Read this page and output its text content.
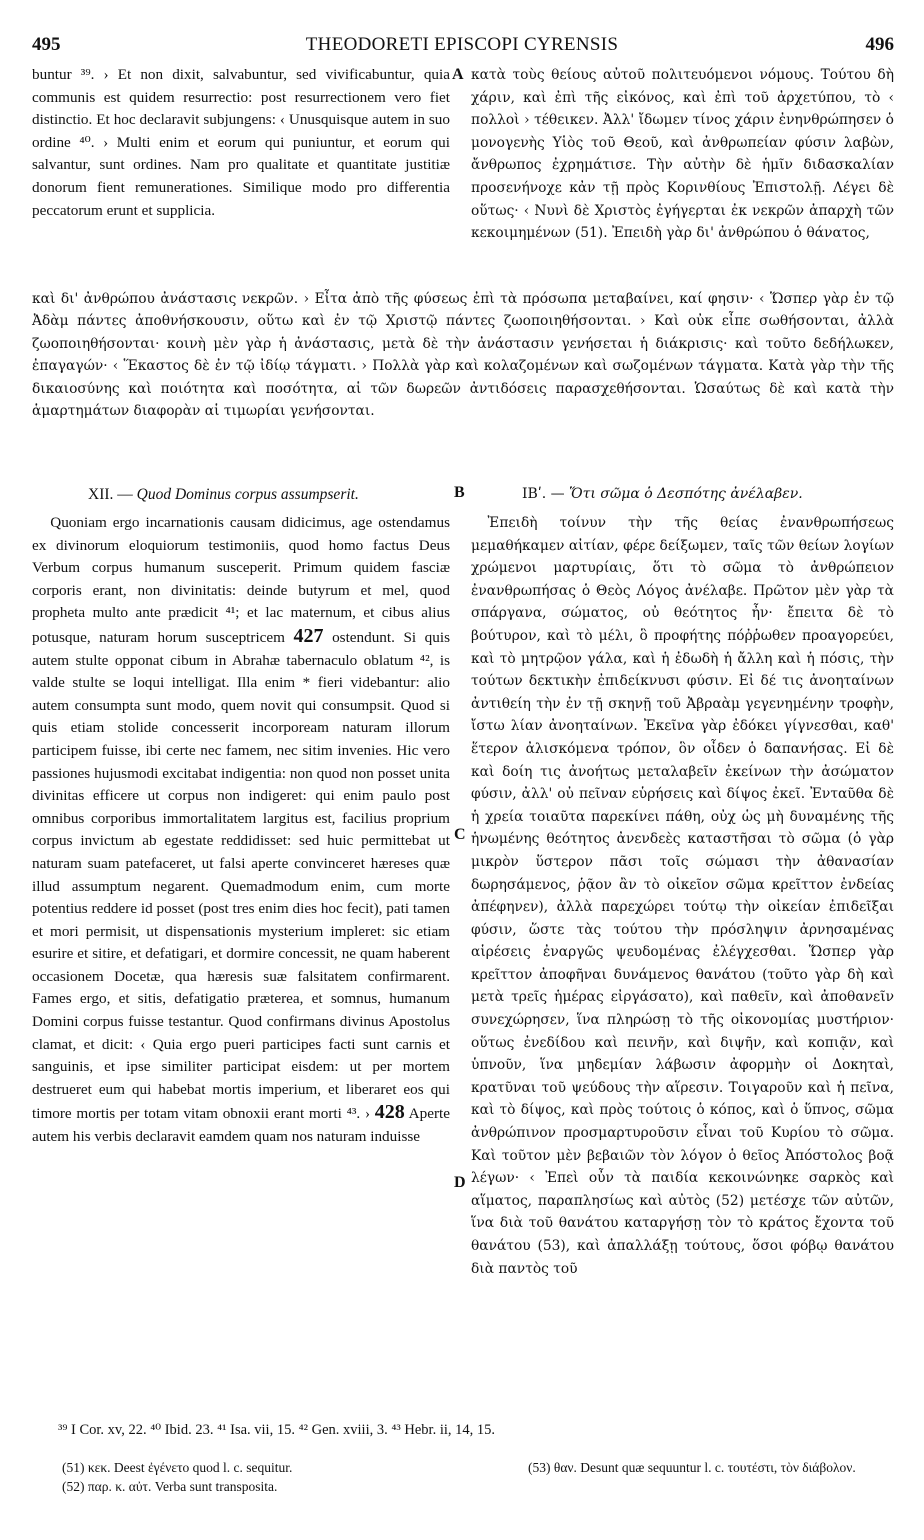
495	THEODORETI EPISCOPI CYRENSIS	496

buntur ³⁹. › Et non dixit, salvabuntur, sed vivificabuntur, quia communis est quidem resurrectio: post resurrectionem vero fiet distinctio. Et hoc declaravit subjungens: ‹ Unusquisque autem in suo ordine ⁴⁰. › Multi enim et eorum qui puniuntur, et eorum qui salvantur, sunt ordines. Nam pro qualitate et quantitate justitiæ donorum fient remunerationes. Similique modo pro differentia peccatorum erunt et supplicia.

A κατὰ τοὺς θείους αὐτοῦ πολιτευόμενοι νόμους. Τούτου δὴ χάριν, καὶ ἐπὶ τῆς εἰκόνος, καὶ ἐπὶ τοῦ ἀρχετύπου, τὸ ‹ πολλοὶ › τέθεικεν. Ἀλλ' ἴδωμεν τίνος χάριν ἐνηνθρώπησεν ὁ μονογενὴς Υἱὸς τοῦ Θεοῦ, καὶ ἀνθρωπείαν φύσιν λαβὼν, ἄνθρωπος ἐχρημάτισε. Τὴν αὐτὴν δὲ ἡμῖν διδασκαλίαν προσενήνοχε κἀν τῇ πρὸς Κορινθίους Ἐπιστολῇ. Λέγει δὲ οὕτως· ‹ Νυνὶ δὲ Χριστὸς ἐγήγερται ἐκ νεκρῶν ἀπαρχὴ τῶν κεκοιμημένων (51). Ἐπειδὴ γὰρ δι' ἀνθρώπου ὁ θάνατος,

καὶ δι' ἀνθρώπου ἀνάστασις νεκρῶν. › Εἶτα ἀπὸ τῆς φύσεως ἐπὶ τὰ πρόσωπα μεταβαίνει, καί φησιν· ‹ Ὥσπερ γὰρ ἐν τῷ Ἀδὰμ πάντες ἀποθνήσκουσιν, οὕτω καὶ ἐν τῷ Χριστῷ πάντες ζωοποιηθήσονται. › Καὶ οὐκ εἶπε σωθήσονται, ἀλλὰ ζωοποιηθήσονται· κοινὴ μὲν γὰρ ἡ ἀνάστασις, μετὰ δὲ τὴν ἀνάστασιν γενήσεται ἡ διάκρισις· καὶ τοῦτο δεδήλωκεν, ἐπαγαγών· ‹ Ἕκαστος δὲ ἐν τῷ ἰδίῳ τάγματι. › Πολλὰ γὰρ καὶ κολαζομένων καὶ σωζομένων τάγματα. Κατὰ γὰρ τὴν τῆς δικαιοσύνης καὶ ποιότητα καὶ ποσότητα, αἱ τῶν δωρεῶν ἀντιδόσεις παρασχεθήσονται. Ὡσαύτως δὲ καὶ κατὰ τὴν ἁμαρτημάτων διαφορὰν αἱ τιμωρίαι γενήσονται.

XII. — Quod Dominus corpus assumpserit.	B	ΙΒʹ. — Ὅτι σῶμα ὁ Δεσπότης ἀνέλαβεν.

Quoniam ergo incarnationis causam didicimus, age ostendamus ex divinorum eloquiorum testimoniis, quod homo factus Deus Verbum corpus humanum susceperit. Primum quidem fasciæ corporis erant, non divinitatis: deinde butyrum et mel, quod propheta multo ante prædicit ⁴¹; et lac maternum, et cibus alius potusque, naturam horum susceptricem 427 ostendunt. Si quis autem stulte opponat cibum in Abrahæ tabernaculo oblatum ⁴², is valde stulte se loqui intelligat. Illa enim * fieri videbantur: alio autem consumpta sunt modo, quem novit qui consumpsit. Quod si quis etiam stolide concesserit incorpoream naturam illorum participem fuisse, ibi certe nec famem, nec sitim invenies. Hic vero passiones hujusmodi excitabat indigentia: non quod non posset unita divinitas efficere ut corpus non indigeret: qui enim paulo post omnibus corporibus immortalitatem largitus est, facilius proprium corpus invictum ab egestate reddidisset: sed huic permittebat ut naturam suam patefaceret, ut falsi aperte convinceret hæreses quæ illud assumptum negarent. Quemadmodum enim, cum morte potentius reddere id posset (post tres enim dies hoc fecit), pati tamen et mori permisit, ut dispensationis mysterium impleret: sic etiam esurire et sitire, et defatigari, et dormire concessit, ne quam haberent occasionem Docetæ, qua hæresis suæ falsitatem confirmarent. Fames ergo, et sitis, defatigatio præterea, et somnus, humanum Domini corpus fuisse testantur. Quod confirmans divinus Apostolus clamat, et dicit: ‹ Quia ergo pueri participes facti sunt carnis et sanguinis, et ipse similiter participat eisdem: ut per mortem destrueret eum qui habebat mortis imperium, et liberaret eos qui timore mortis per totam vitam obnoxii erant morti ⁴³. › 428 Aperte autem his verbis declaravit eamdem quam nos naturam induisse

C
D

Ἐπειδὴ τοίνυν τὴν τῆς θείας ἐνανθρωπήσεως μεμαθήκαμεν αἰτίαν, φέρε δείξωμεν, ταῖς τῶν θείων λογίων χρώμενοι μαρτυρίαις, ὅτι τὸ σῶμα τὸ ἀνθρώπειον ἐνανθρωπήσας ὁ Θεὸς Λόγος ἀνέλαβε. Πρῶτον μὲν γὰρ τὰ σπάργανα, σώματος, οὐ θεότητος ἦν· ἔπειτα δὲ τὸ βούτυρον, καὶ τὸ μέλι, ὃ προφήτης πόῤῥωθεν προαγορεύει, καὶ τὸ μητρῷον γάλα, καὶ ἡ ἐδωδὴ ἡ ἄλλη καὶ ἡ πόσις, τὴν τούτων δεκτικὴν ἐπιδείκνυσι φύσιν. Εἰ δέ τις ἀνοηταίνων ἀντιθείη τὴν ἐν τῇ σκηνῇ τοῦ Ἀβραὰμ γεγενημένην τροφὴν, ἴστω λίαν ἀνοηταίνων. Ἐκεῖνα γὰρ ἐδόκει γίγνεσθαι, καθ' ἕτερον ἀλισκόμενα τρόπον, ὃν οἶδεν ὁ δαπανήσας. Εἰ δὲ καὶ δοίη τις ἀνοήτως μεταλαβεῖν ἐκείνων τὴν ἀσώματον φύσιν, ἀλλ' οὐ πεῖναν εὑρήσεις καὶ δίψος ἐκεῖ. Ἐνταῦθα δὲ ἡ χρεία τοιαῦτα παρεκίνει πάθη, οὐχ ὡς μὴ δυναμένης τῆς ἡνωμένης θεότητος ἀνενδεὲς καταστῆσαι τὸ σῶμα (ὁ γὰρ μικρὸν ὕστερον πᾶσι τοῖς σώμασι τὴν ἀθανασίαν δωρησάμενος, ῥᾷον ἂν τὸ οἰκεῖον σῶμα κρεῖττον ἐνδείας ἀπέφηνεν), ἀλλὰ παρεχώρει τούτῳ τὴν οἰκείαν ἐπιδεῖξαι φύσιν, ὥστε τὰς τούτου τὴν πρόσληψιν ἀρνησαμένας αἱρέσεις ἐναργῶς ψευδομένας ἐλέγχεσθαι. Ὥσπερ γὰρ κρεῖττον ἀποφῆναι δυνάμενος θανάτου (τοῦτο γὰρ δὴ καὶ μετὰ τρεῖς ἡμέρας εἰργάσατο), καὶ παθεῖν, καὶ ἀποθανεῖν συνεχώρησεν, ἵνα πληρώσῃ τὸ τῆς οἰκονομίας μυστήριον· οὕτως ἐνεδίδου καὶ πεινῆν, καὶ διψῆν, καὶ κοπιᾷν, καὶ ὑπνοῦν, ἵνα μηδεμίαν λάβωσιν ἀφορμὴν οἱ Δοκηταὶ, κρατῦναι τοῦ ψεύδους τὴν αἵρεσιν. Τοιγαροῦν καὶ ἡ πεῖνα, καὶ τὸ δίψος, καὶ πρὸς τούτοις ὁ κόπος, καὶ ὁ ὕπνος, σῶμα ἀνθρώπινον προσμαρτυροῦσιν εἶναι τοῦ Κυρίου τὸ σῶμα. Καὶ τοῦτον μὲν βεβαιῶν τὸν λόγον ὁ θεῖος Ἀπόστολος βοᾷ λέγων· ‹ Ἐπεὶ οὖν τὰ παιδία κεκοινώνηκε σαρκὸς καὶ αἵματος, παραπλησίως καὶ αὐτὸς (52) μετέσχε τῶν αὐτῶν, ἵνα διὰ τοῦ θανάτου καταργήσῃ τὸν τὸ κράτος ἔχοντα τοῦ θανάτου (53), καὶ ἀπαλλάξῃ τούτους, ὅσοι φόβῳ θανάτου διὰ παντὸς τοῦ

³⁹ I Cor. xv, 22. ⁴⁰ Ibid. 23. ⁴¹ Isa. vii, 15. ⁴² Gen. xviii, 3. ⁴³ Hebr. ii, 14, 15.

(51) κεκ. Deest ἐγένετο quod l. c. sequitur.

(52) παρ. κ. αὐτ. Verba sunt transposita.

(53) θαν. Desunt quæ sequuntur l. c. τουτέστι, τὸν διάβολον.
